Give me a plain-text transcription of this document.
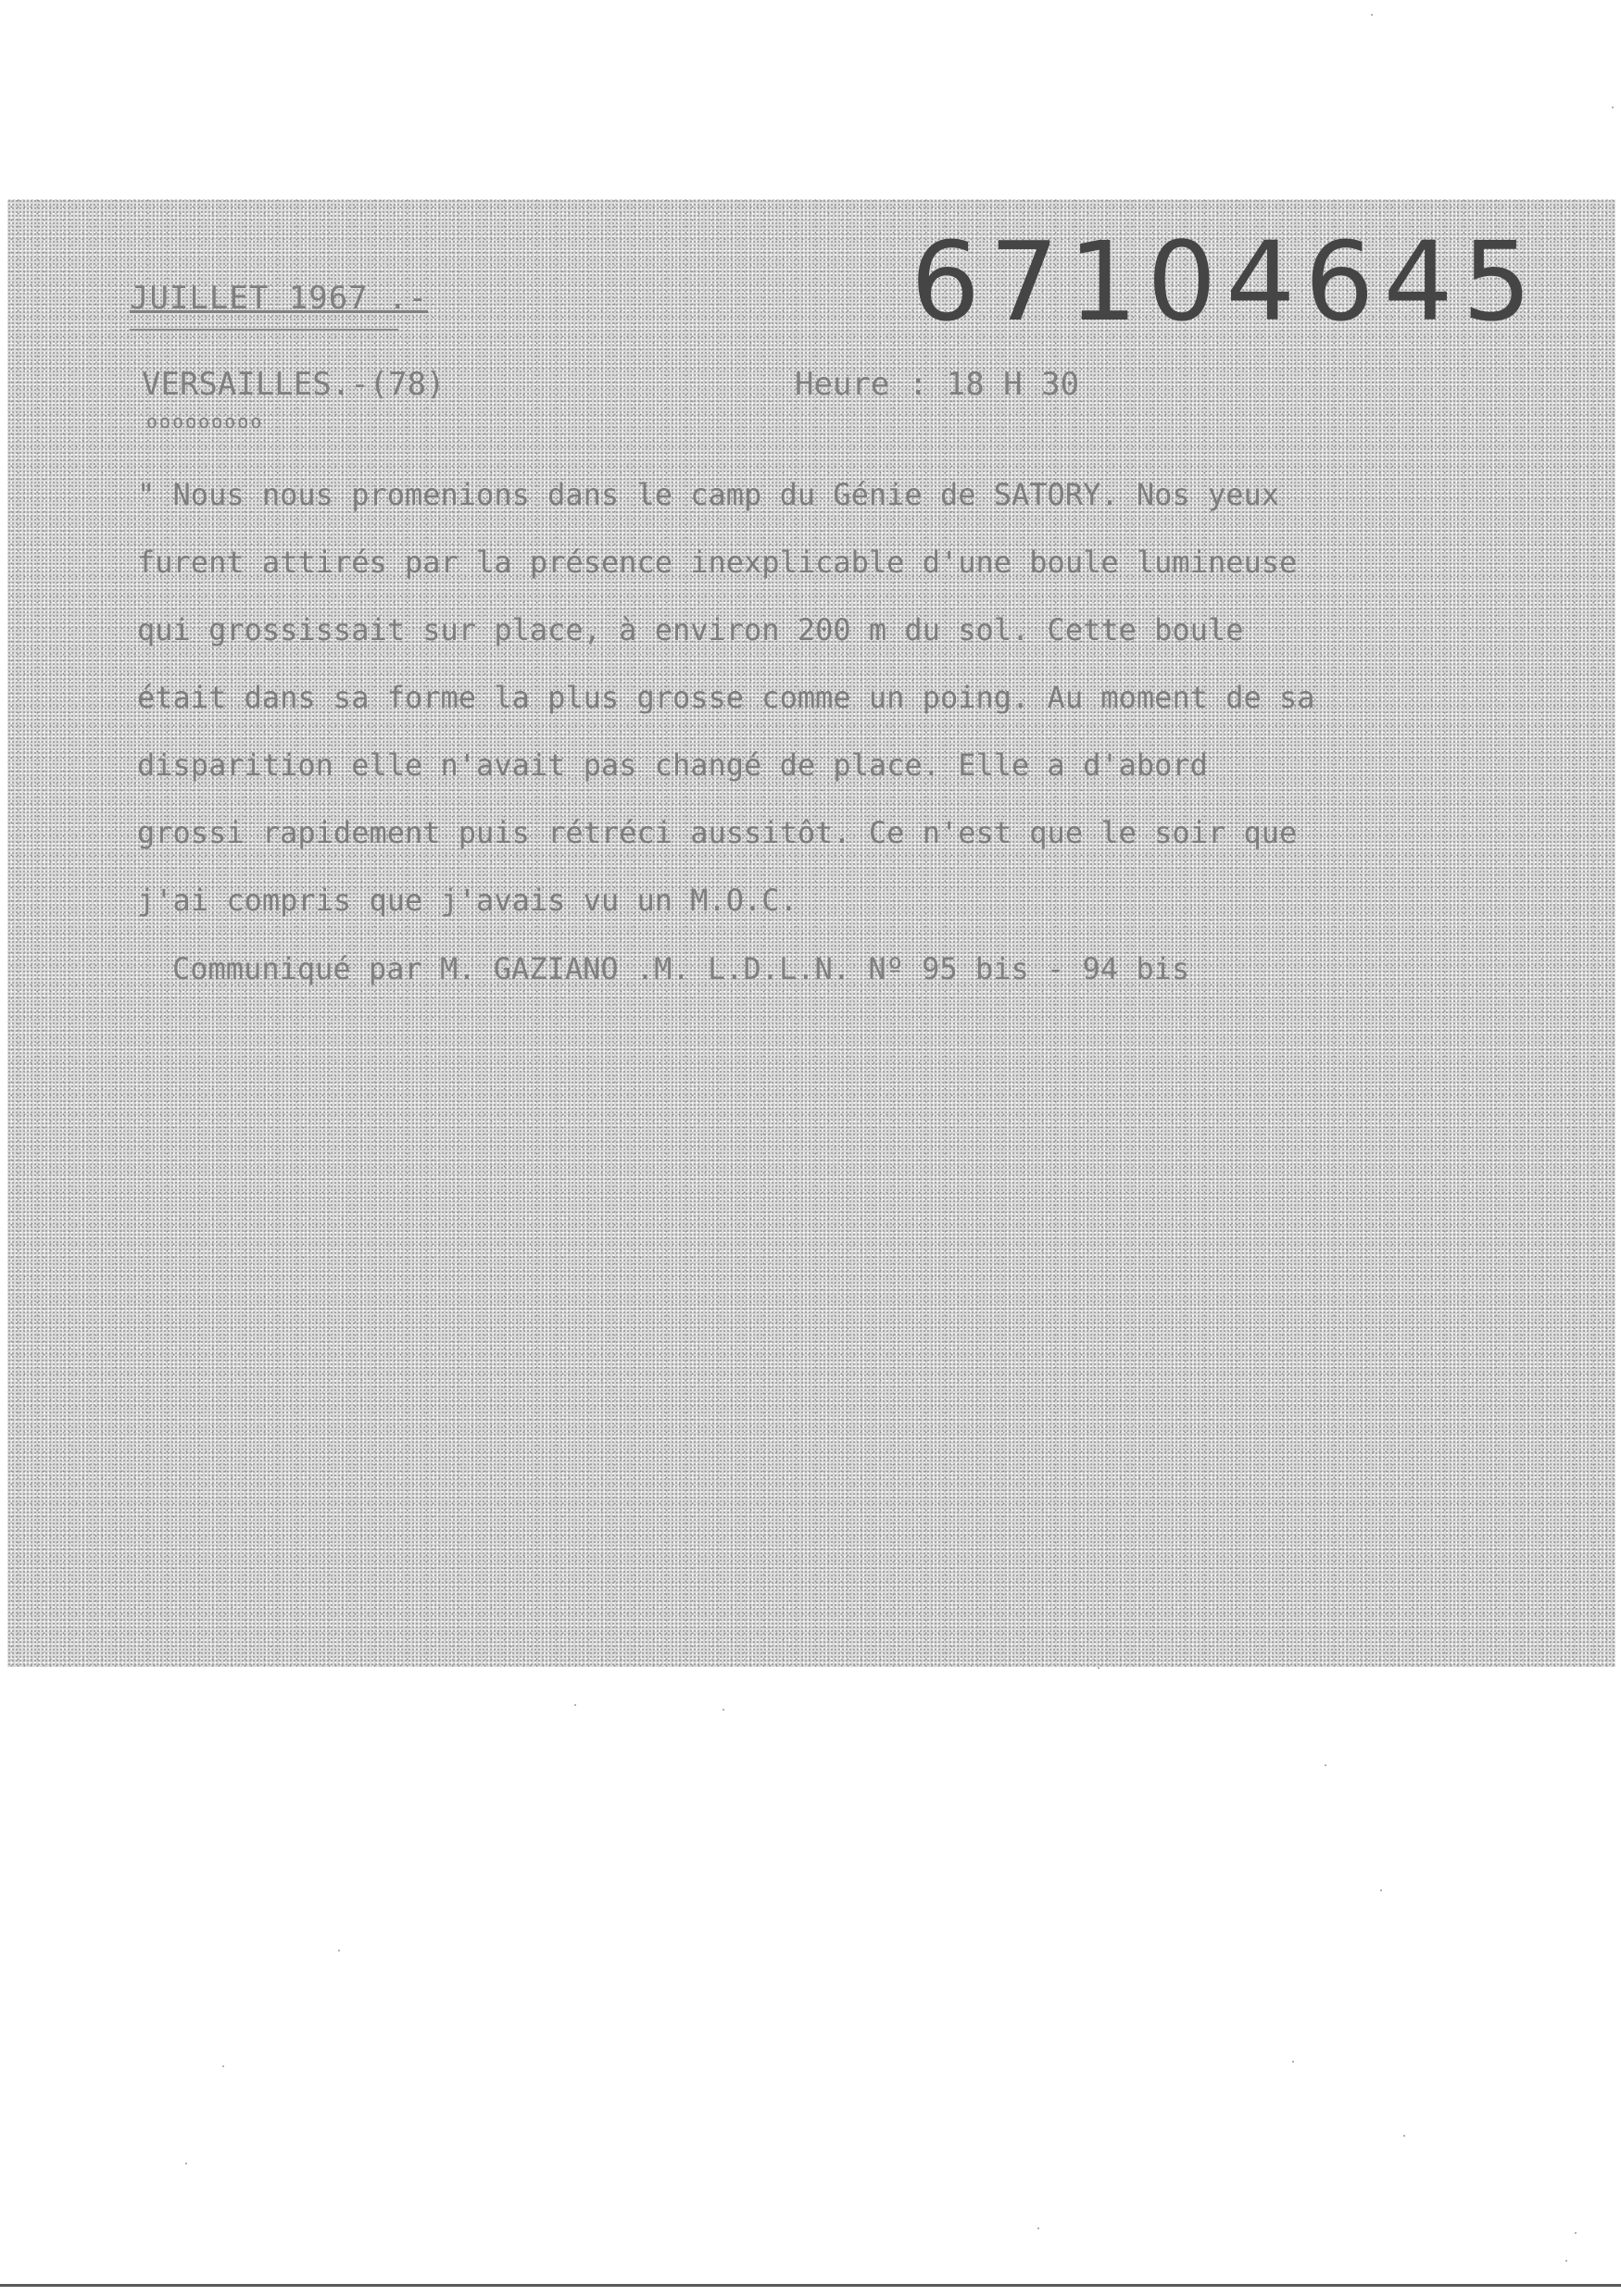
JUILLET 1967 .-	67104645
VERSAILLES.-(78)
ooooooooo
Heure : 18 H 30
" Nous nous promenions dans le camp du Génie de SATORY. Nos yeux
furent attirés par la présence inexplicable d'une boule lumineuse
qui grossissait sur place, à environ 200 m du sol. Cette boule
était dans sa forme la plus grosse comme un poing. Au moment de sa
disparition elle n'avait pas changé de place. Elle a d'abord
grossi rapidement puis rétréci aussitôt. Ce n'est que le soir que
j'ai compris que j'avais vu un M.O.C.
Communiqué par M. GAZIANO .M. L.D.L.N. Nº 95 bis - 94 bis
